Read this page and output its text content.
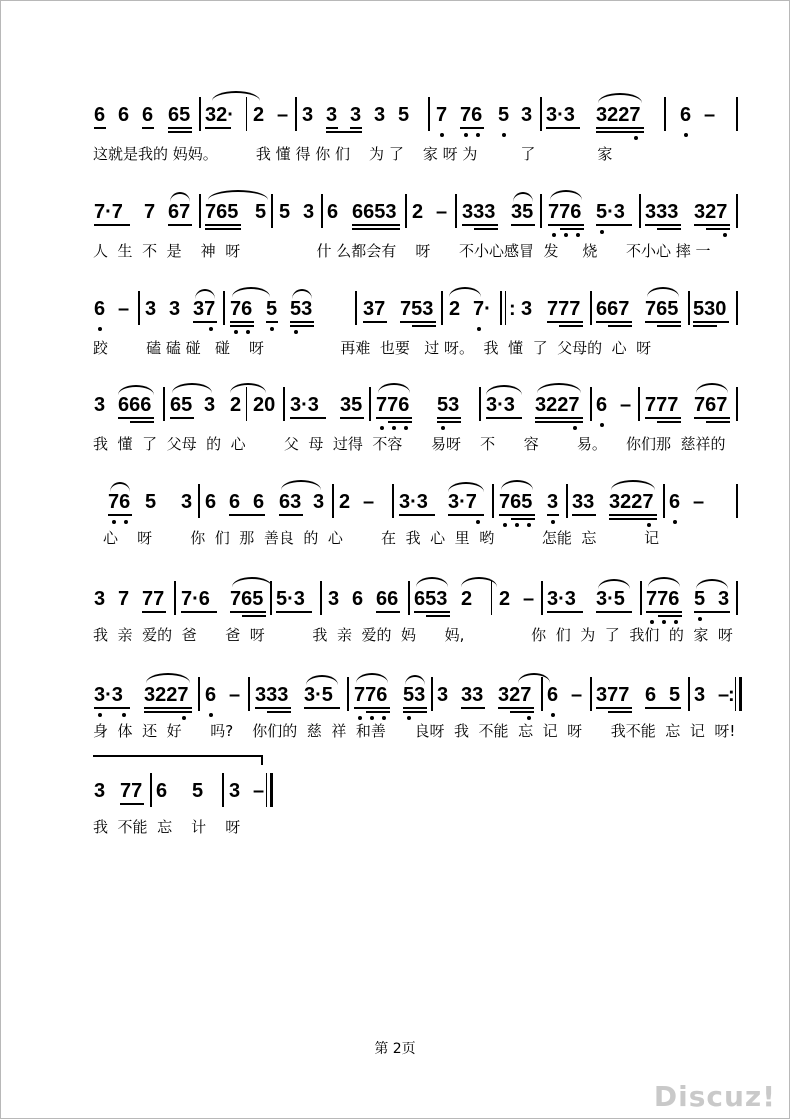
6 6 6 65 32· 2 – 3 3 3 3 5 7 76 5 3 3·3 3227 6 –
这就是我的 妈妈。        我 懂 得 你 们    为 了    家 呀 为         了             家
7·7 7 67 765 5 5 3 6 6653 2 – 333 35 776 5·3 333 327
人  生  不  是    神  呀                什 么都会有    呀      不小心感冒  发     烧      不小心 摔 一
6 – 3 3 37 76 5 53	37 753 2 7· : 3 777 667 765 530
跤        磕 磕 碰   碰    呀                再难  也要   过 呀。  我  懂  了  父母的  心  呀
3 666 65 3 2 20 3·3 35 776 53 3·3 3227 6 – 777 767
我  懂  了  父母  的  心        父  母  过得  不容      易呀    不      容        易。    你们那  慈祥的
76 5 3 6 6 6 63 3 2 – 3·3 3·7 765 3 33 3227 6 –
心    呀        你  们  那  善良  的  心        在  我  心  里  哟          怎能  忘          记
3 7 77 7·6 765 5·3 3 6 66 653 2 2 – 3·3 3·5 776 5 3
我  亲  爱的  爸      爸  呀          我  亲  爱的  妈      妈,              你  们  为  了  我们  的  家  呀
3·3 3227 6 – 333 3·5 776 53 3 33 327 6 – 377 6 5 3 –
:
身  体  还  好      吗?    你们的  慈  祥  和善      良呀  我  不能  忘  记  呀      我不能  忘  记  呀!
3 77 6 5 3 –
我  不能  忘    计    呀
第 2页
Discuz!
